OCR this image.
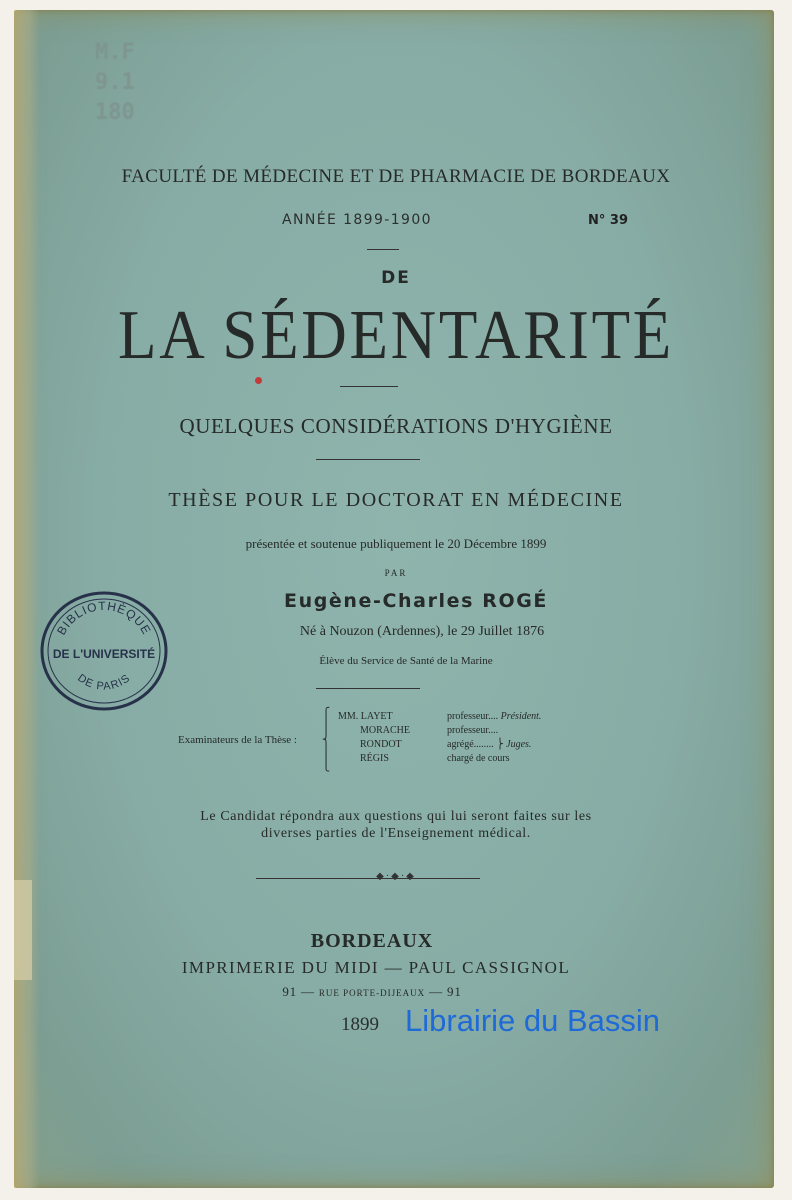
M.F
9.1
180
FACULTÉ DE MÉDECINE ET DE PHARMACIE DE BORDEAUX
ANNÉE 1899-1900	N° 39
DE
LA SÉDENTARITÉ
QUELQUES CONSIDÉRATIONS D'HYGIÈNE
THÈSE POUR LE DOCTORAT EN MÉDECINE
présentée et soutenue publiquement le 20 Décembre 1899
PAR
Eugène-Charles ROGÉ
Né à Nouzon (Ardennes), le 29 Juillet 1876
Élève du Service de Santé de la Marine
Examinateurs de la Thèse :
⎧
⎪
⎨
⎪
⎩
MM. LAYET
MORACHE
RONDOT
RÉGIS
professeur.... Président.
professeur....
agrégé........ ⎬ Juges.
chargé de cours
Le Candidat répondra aux questions qui lui seront faites sur les
diverses parties de l'Enseignement médical.
◆·◆·◆
BORDEAUX
IMPRIMERIE DU MIDI — PAUL CASSIGNOL
91 — RUE PORTE-DIJEAUX — 91
1899 Librairie du Bassin
BIBLIOTHÈQUE
DE L'UNIVERSITÉ
DE PARIS
